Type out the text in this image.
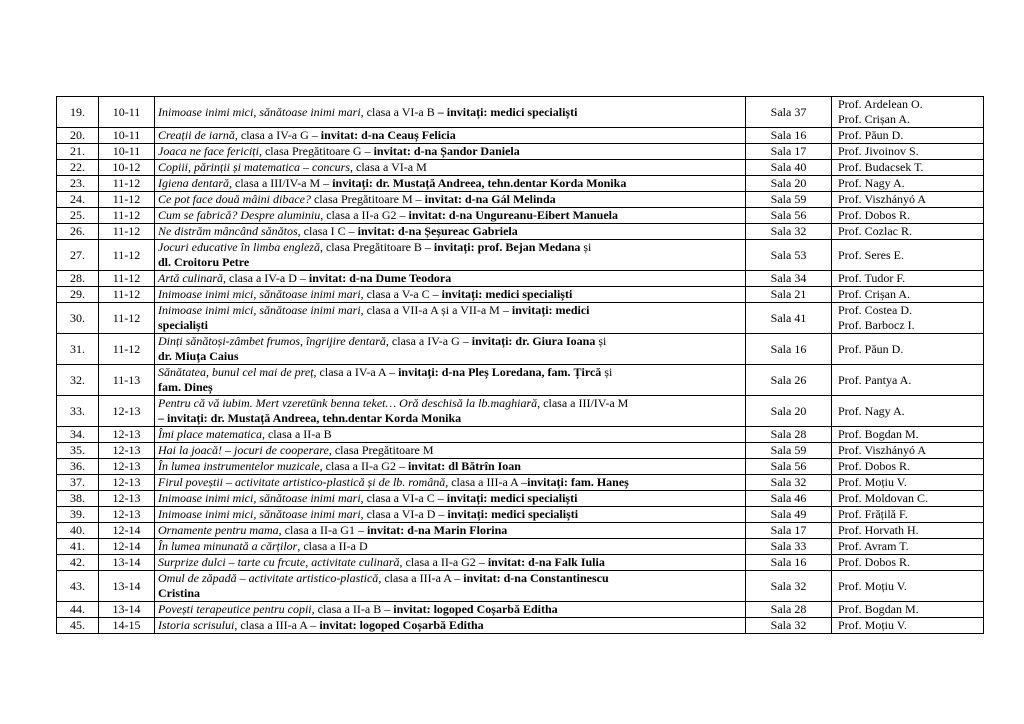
19.	10-11	Inimoase inimi mici, sănătoase inimi mari, clasa a VI-a B – invitați: medici specialiști	Sala 37	Prof. Ardelean O.
Prof. Crișan A.

20.	10-11	Creații de iarnă, clasa a IV-a G – invitat: d-na Ceauș Felicia	Sala 16	Prof. Păun D.

21.	10-11	Joaca ne face fericiți, clasa Pregătitoare G – invitat: d-na Șandor Daniela	Sala 17	Prof. Jivoinov S.

22.	10-12	Copiii, părinții și matematica – concurs, clasa a VI-a M	Sala 40	Prof. Budacsek T.

23.	11-12	Igiena dentară, clasa a III/IV-a M – invitați: dr. Mustață Andreea, tehn.dentar Korda Monika	Sala 20	Prof. Nagy A.

24.	11-12	Ce pot face două mâini dibace? clasa Pregătitoare M – invitat: d-na Gál Melinda	Sala 59	Prof. Viszhányó A

25.	11-12	Cum se fabrică? Despre aluminiu, clasa a II-a G2 – invitat: d-na Ungureanu-Eibert Manuela	Sala 56	Prof. Dobos R.

26.	11-12	Ne distrăm mâncând sănătos, clasa I C – invitat: d-na Șeșureac Gabriela	Sala 32	Prof. Cozlac R.

27.	11-12	Jocuri educative în limba engleză, clasa Pregătitoare B – invitați: prof. Bejan Medana și
dl. Croitoru Petre	Sala 53	Prof. Seres E.

28.	11-12	Artă culinară, clasa a IV-a D – invitat: d-na Dume Teodora	Sala 34	Prof. Tudor F.

29.	11-12	Inimoase inimi mici, sănătoase inimi mari, clasa a V-a C – invitați: medici specialiști	Sala 21	Prof. Crișan A.

30.	11-12	Inimoase inimi mici, sănătoase inimi mari, clasa a VII-a A și a VII-a M – invitați: medici
specialiști	Sala 41	Prof. Costea D.
Prof. Barbocz I.

31.	11-12	Dinți sănătoși-zâmbet frumos, îngrijire dentară, clasa a IV-a G – invitați: dr. Giura Ioana și
dr. Miuța Caius	Sala 16	Prof. Păun D.

32.	11-13	Sănătatea, bunul cel mai de preț, clasa a IV-a A – invitați: d-na Pleș Loredana, fam. Țircă și
fam. Dineș	Sala 26	Prof. Pantya A.

33.	12-13	Pentru că vă iubim. Mert vzeretünk benna teket… Oră deschisă la lb.maghiară, clasa a III/IV-a M
– invitați: dr. Mustață Andreea, tehn.dentar Korda Monika	Sala 20	Prof. Nagy A.

34.	12-13	Îmi place matematica, clasa a II-a B	Sala 28	Prof. Bogdan M.

35.	12-13	Hai la joacă! – jocuri de cooperare, clasa Pregătitoare M	Sala 59	Prof. Viszhányó A

36.	12-13	În lumea instrumentelor muzicale, clasa a II-a G2 – invitat: dl Bătrîn Ioan	Sala 56	Prof. Dobos R.

37.	12-13	Firul poveștii – activitate artistico-plastică și de lb. română, clasa a III-a A –invitați: fam. Haneș	Sala 32	Prof. Moțiu V.

38.	12-13	Inimoase inimi mici, sănătoase inimi mari, clasa a VI-a C – invitați: medici specialiști	Sala 46	Prof. Moldovan C.

39.	12-13	Inimoase inimi mici, sănătoase inimi mari, clasa a VI-a D – invitați: medici specialiști	Sala 49	Prof. Frățilă F.

40.	12-14	Ornamente pentru mama, clasa a II-a G1 – invitat: d-na Marin Florina	Sala 17	Prof. Horvath H.

41.	12-14	În lumea minunată a cărților, clasa a II-a D	Sala 33	Prof. Avram T.

42.	13-14	Surprize dulci – tarte cu frcute, activitate culinară, clasa a II-a G2 – invitat: d-na Falk Iulia	Sala 16	Prof. Dobos R.

43.	13-14	Omul de zăpadă – activitate artistico-plastică, clasa a III-a A – invitat: d-na Constantinescu
Cristina	Sala 32	Prof. Moțiu V.

44.	13-14	Povești terapeutice pentru copii, clasa a II-a B – invitat: logoped Coșarbă Editha	Sala 28	Prof. Bogdan M.

45.	14-15	Istoria scrisului, clasa a III-a A – invitat: logoped Coșarbă Editha	Sala 32	Prof. Moțiu V.
